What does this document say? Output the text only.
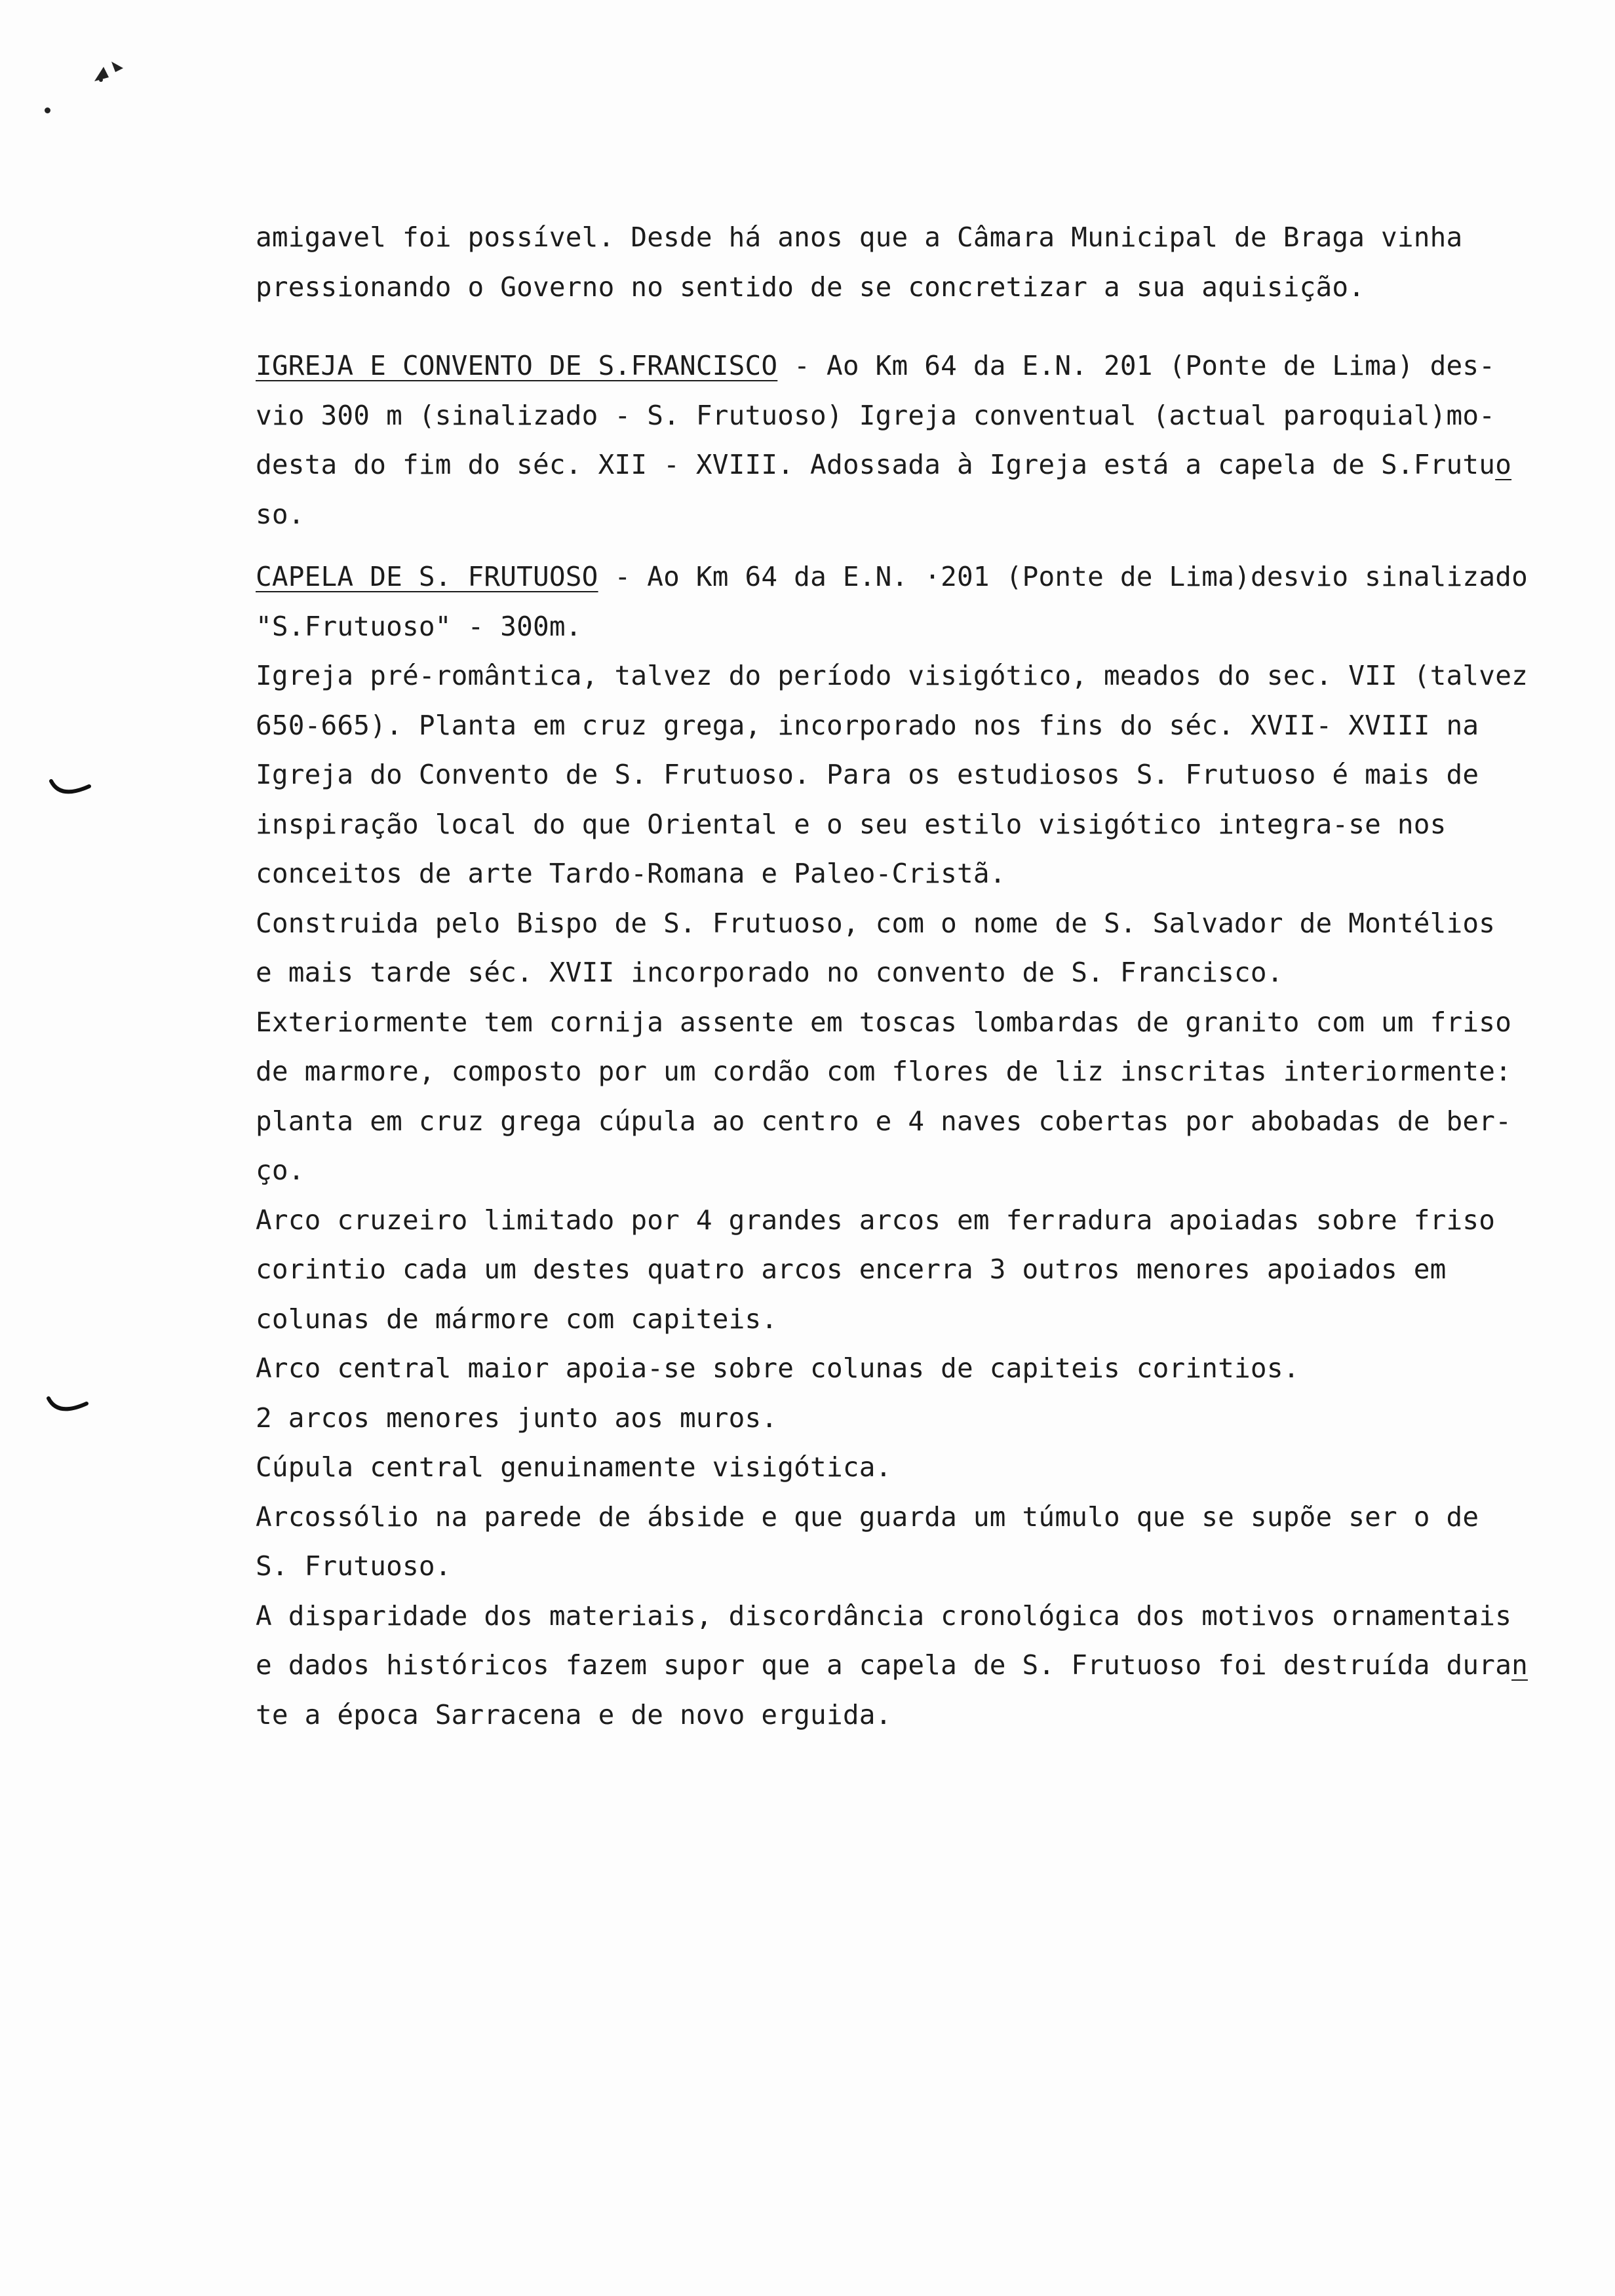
amigavel foi possível. Desde há anos que a Câmara Municipal de Braga vinha
pressionando o Governo no sentido de se concretizar a sua aquisição.
IGREJA E CONVENTO DE S.FRANCISCO - Ao Km 64 da E.N. 201 (Ponte de Lima) des-
vio 300 m (sinalizado - S. Frutuoso) Igreja conventual (actual paroquial)mo-
desta do fim do séc. XII - XVIII. Adossada à Igreja está a capela de S.Frutuo
so.
CAPELA DE S. FRUTUOSO - Ao Km 64 da E.N. ·201 (Ponte de Lima)desvio sinalizado
"S.Frutuoso" - 300m.
Igreja pré-romântica, talvez do período visigótico, meados do sec. VII (talvez
650-665). Planta em cruz grega, incorporado nos fins do séc. XVII- XVIII na
Igreja do Convento de S. Frutuoso. Para os estudiosos S. Frutuoso é mais de
inspiração local do que Oriental e o seu estilo visigótico integra-se nos
conceitos de arte Tardo-Romana e Paleo-Cristã.
Construida pelo Bispo de S. Frutuoso, com o nome de S. Salvador de Montélios
e mais tarde séc. XVII incorporado no convento de S. Francisco.
Exteriormente tem cornija assente em toscas lombardas de granito com um friso
de marmore, composto por um cordão com flores de liz inscritas interiormente:
planta em cruz grega cúpula ao centro e 4 naves cobertas por abobadas de ber-
ço.
Arco cruzeiro limitado por 4 grandes arcos em ferradura apoiadas sobre friso
corintio cada um destes quatro arcos encerra 3 outros menores apoiados em
colunas de mármore com capiteis.
Arco central maior apoia-se sobre colunas de capiteis corintios.
2 arcos menores junto aos muros.
Cúpula central genuinamente visigótica.
Arcossólio na parede de ábside e que guarda um túmulo que se supõe ser o de
S. Frutuoso.
A disparidade dos materiais, discordância cronológica dos motivos ornamentais
e dados históricos fazem supor que a capela de S. Frutuoso foi destruída duran
te a época Sarracena e de novo erguida.
